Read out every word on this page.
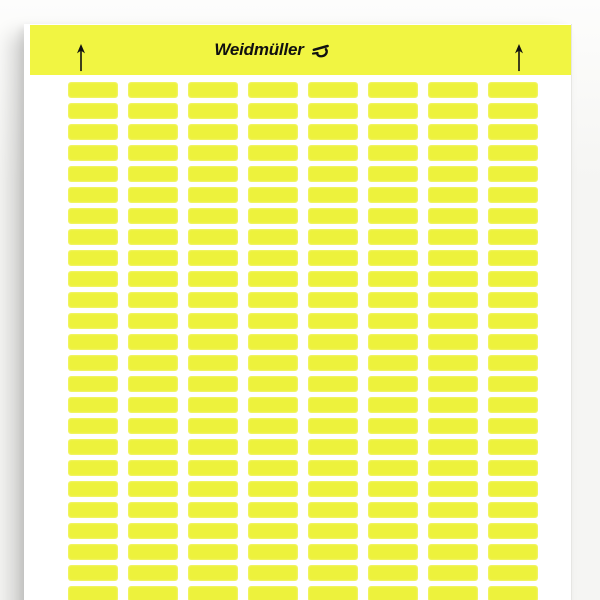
Weidmüller
